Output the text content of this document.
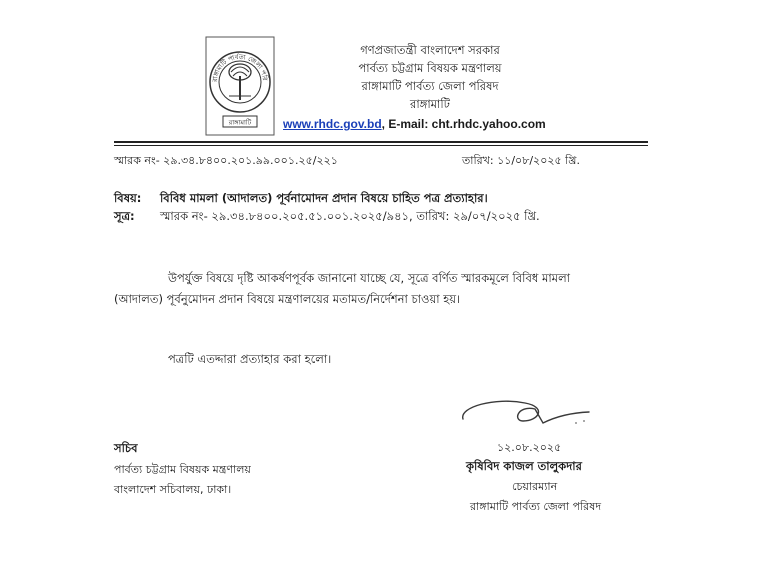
রাঙ্গামাটি পার্বত্য জেলা পরি
রাঙ্গামাটি
গণপ্রজাতন্ত্রী বাংলাদেশ সরকার
পার্বত্য চট্টগ্রাম বিষয়ক মন্ত্রণালয়
রাঙ্গামাটি পার্বত্য জেলা পরিষদ
রাঙ্গামাটি
www.rhdc.gov.bd, E-mail: cht.rhdc.yahoo.com
স্মারক নং- ২৯.৩৪.৮৪০০.২০১.৯৯.০০১.২৫/২২১	তারিখ: ১১/০৮/২০২৫ খ্রি.
বিষয়: বিবিধ মামলা (আদালত) পূর্বনামোদন প্রদান বিষয়ে চাহিত পত্র প্রত্যাহার।
সূত্র: স্মারক নং- ২৯.৩৪.৮৪০০.২০৫.৫১.০০১.২০২৫/৯৪১, তারিখ: ২৯/০৭/২০২৫ খ্রি.
উপর্যুক্ত বিষয়ে দৃষ্টি আকর্ষণপূর্বক জানানো যাচ্ছে যে, সূত্রে বর্ণিত স্মারকমূলে বিবিধ মামলা
(আদালত) পূর্বনুমোদন প্রদান বিষয়ে মন্ত্রণালয়ের মতামত/নির্দেশনা চাওয়া হয়।
পত্রটি এতদ্দারা প্রত্যাহার করা হলো।
১২.০৮.২০২৫
কৃষিবিদ কাজল তালুকদার
চেয়ারম্যান
রাঙ্গামাটি পার্বত্য জেলা পরিষদ
সচিব
পার্বত্য চট্টগ্রাম বিষয়ক মন্ত্রণালয়
বাংলাদেশ সচিবালয়, ঢাকা।
